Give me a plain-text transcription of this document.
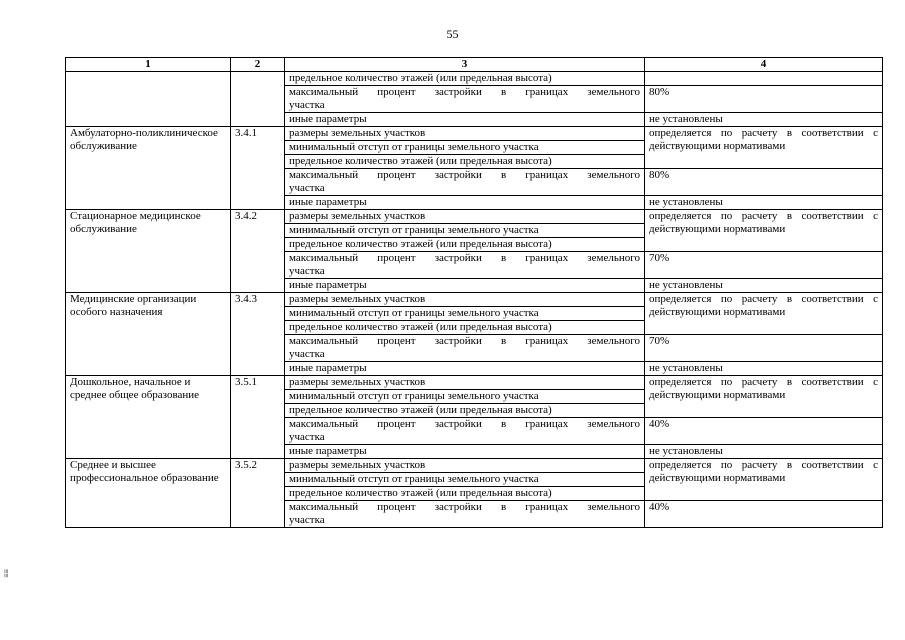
55
1	2	3	4
		предельное количество этажей (или предельная высота)	

		максимальный процент застройки в границах земельного
участка	80%
		иные параметры	не установлены
Амбулаторно-поликлиническое обслуживание	3.4.1	размеры земельных участков	определяется по расчету в соответствии с действующими нормативами
		минимальный отступ от границы земельного участка	
		предельное количество этажей (или предельная высота)	

		максимальный процент застройки в границах земельного
участка	80%
		иные параметры	не установлены
Стационарное медицинское обслуживание	3.4.2	размеры земельных участков	определяется по расчету в соответствии с действующими нормативами
		минимальный отступ от границы земельного участка	
		предельное количество этажей (или предельная высота)	

		максимальный процент застройки в границах земельного
участка	70%
		иные параметры	не установлены
Медицинские организации особого назначения	3.4.3	размеры земельных участков	определяется по расчету в соответствии с действующими нормативами
		минимальный отступ от границы земельного участка	
		предельное количество этажей (или предельная высота)	

		максимальный процент застройки в границах земельного
участка	70%
		иные параметры	не установлены
Дошкольное, начальное и среднее общее образование	3.5.1	размеры земельных участков	определяется по расчету в соответствии с действующими нормативами
		минимальный отступ от границы земельного участка	
		предельное количество этажей (или предельная высота)	

		максимальный процент застройки в границах земельного
участка	40%
		иные параметры	не установлены
Среднее и высшее профессиональное образование	3.5.2	размеры земельных участков	определяется по расчету в соответствии с действующими нормативами
		минимальный отступ от границы земельного участка	
		предельное количество этажей (или предельная высота)	

		максимальный процент застройки в границах земельного
участка	40%
≡≡
